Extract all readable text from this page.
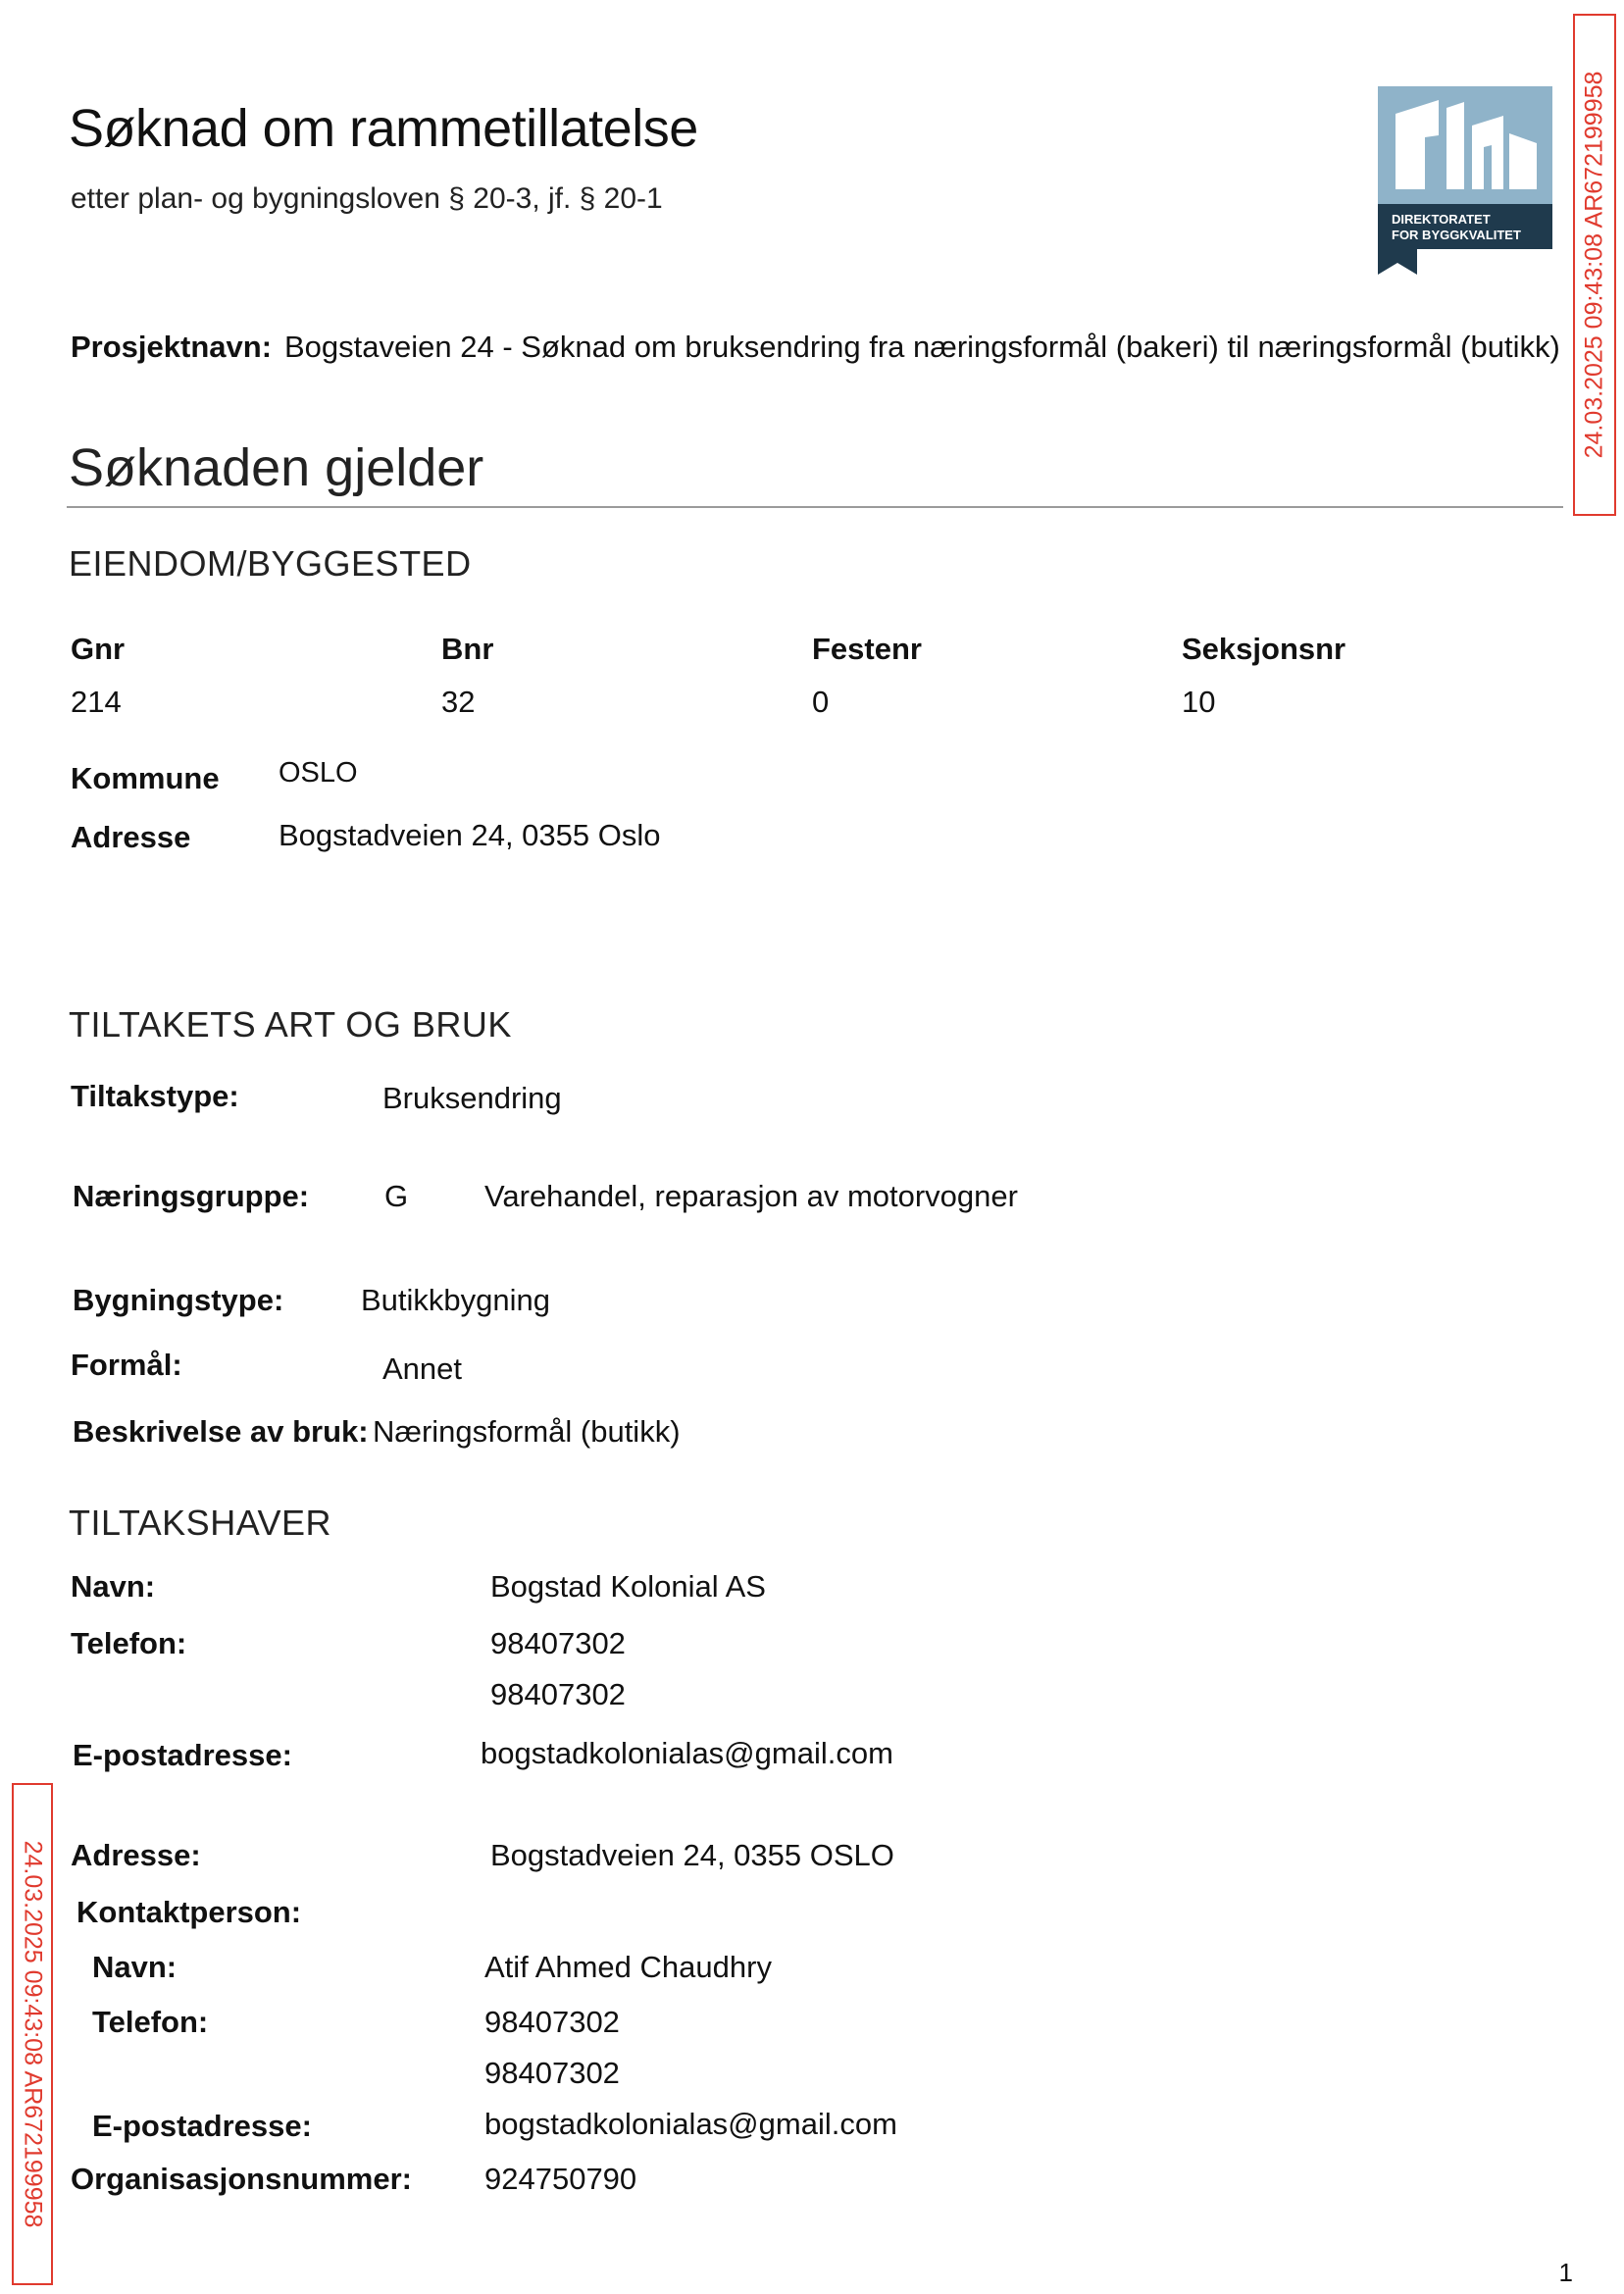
Søknad om rammetillatelse
etter plan- og bygningsloven § 20-3, jf. § 20-1
DIREKTORATET
FOR BYGGKVALITET 24.03.2025 09:43:08 AR672199958
24.03.2025 09:43:08 AR672199958
Prosjektnavn: Bogstaveien 24 - Søknad om bruksendring fra næringsformål (bakeri) til næringsformål (butikk)
Søknaden gjelder
EIENDOM/BYGGESTED
Gnr	Bnr	Festenr	Seksjonsnr
214	32	0	10
Kommune OSLO
Adresse	Bogstadveien 24, 0355 Oslo
TILTAKETS ART OG BRUK
Tiltakstype:	Bruksendring
Næringsgruppe: G	Varehandel, reparasjon av motorvogner
Bygningstype:	Butikkbygning
Formål:	Annet
Beskrivelse av bruk: Næringsformål (butikk)
TILTAKSHAVER
Navn:	Bogstad Kolonial AS
Telefon:	98407302
98407302
E-postadresse:	bogstadkolonialas@gmail.com
Adresse:	Bogstadveien 24, 0355 OSLO
Kontaktperson:
Navn:	Atif Ahmed Chaudhry
Telefon:	98407302
98407302
E-postadresse:	bogstadkolonialas@gmail.com
Organisasjonsnummer: 924750790
1
